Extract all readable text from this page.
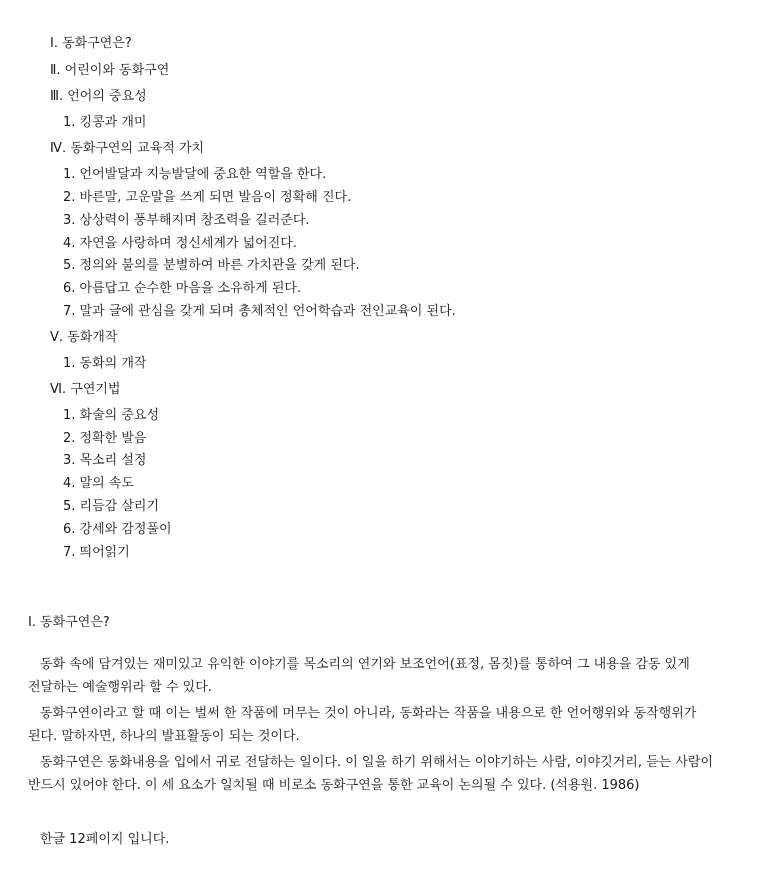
Ⅰ. 동화구연은?
Ⅱ. 어린이와 동화구연
Ⅲ. 언어의 중요성
1. 킹콩과 개미
Ⅳ. 동화구연의 교육적 가치
1. 언어발달과 지능발달에 중요한 역할을 한다.
2. 바른말, 고운말을 쓰게 되면 발음이 정확해 진다.
3. 상상력이 풍부해지며 창조력을 길러준다.
4. 자연을 사랑하며 정신세계가 넓어진다.
5. 정의와 불의를 분별하여 바른 가치관을 갖게 된다.
6. 아름답고 순수한 마음을 소유하게 된다.
7. 말과 글에 관심을 갖게 되며 총체적인 언어학습과 전인교육이 된다.
Ⅴ. 동화개작
1. 동화의 개작
Ⅵ. 구연기법
1. 화술의 중요성
2. 정확한 발음
3. 목소리 설정
4. 말의 속도
5. 리듬감 살리기
6. 강세와 감정풀이
7. 띄어읽기
Ⅰ. 동화구연은?
동화 속에 담겨있는 재미있고 유익한 이야기를 목소리의 연기와 보조언어(표정, 몸짓)를 통하여 그 내용을 감동 있게 전달하는 예술행위라 할 수 있다.
동화구연이라고 할 때 이는 벌써 한 작품에 머무는 것이 아니라, 동화라는 작품을 내용으로 한 언어행위와 동작행위가 된다. 말하자면, 하나의 발표활동이 되는 것이다.
동화구연은 동화내용을 입에서 귀로 전달하는 일이다. 이 일을 하기 위해서는 이야기하는 사람, 이야깃거리, 듣는 사람이 반드시 있어야 한다. 이 세 요소가 일치될 때 비로소 동화구연을 통한 교육이 논의될 수 있다. (석용원. 1986)
한글 12페이지 입니다.
